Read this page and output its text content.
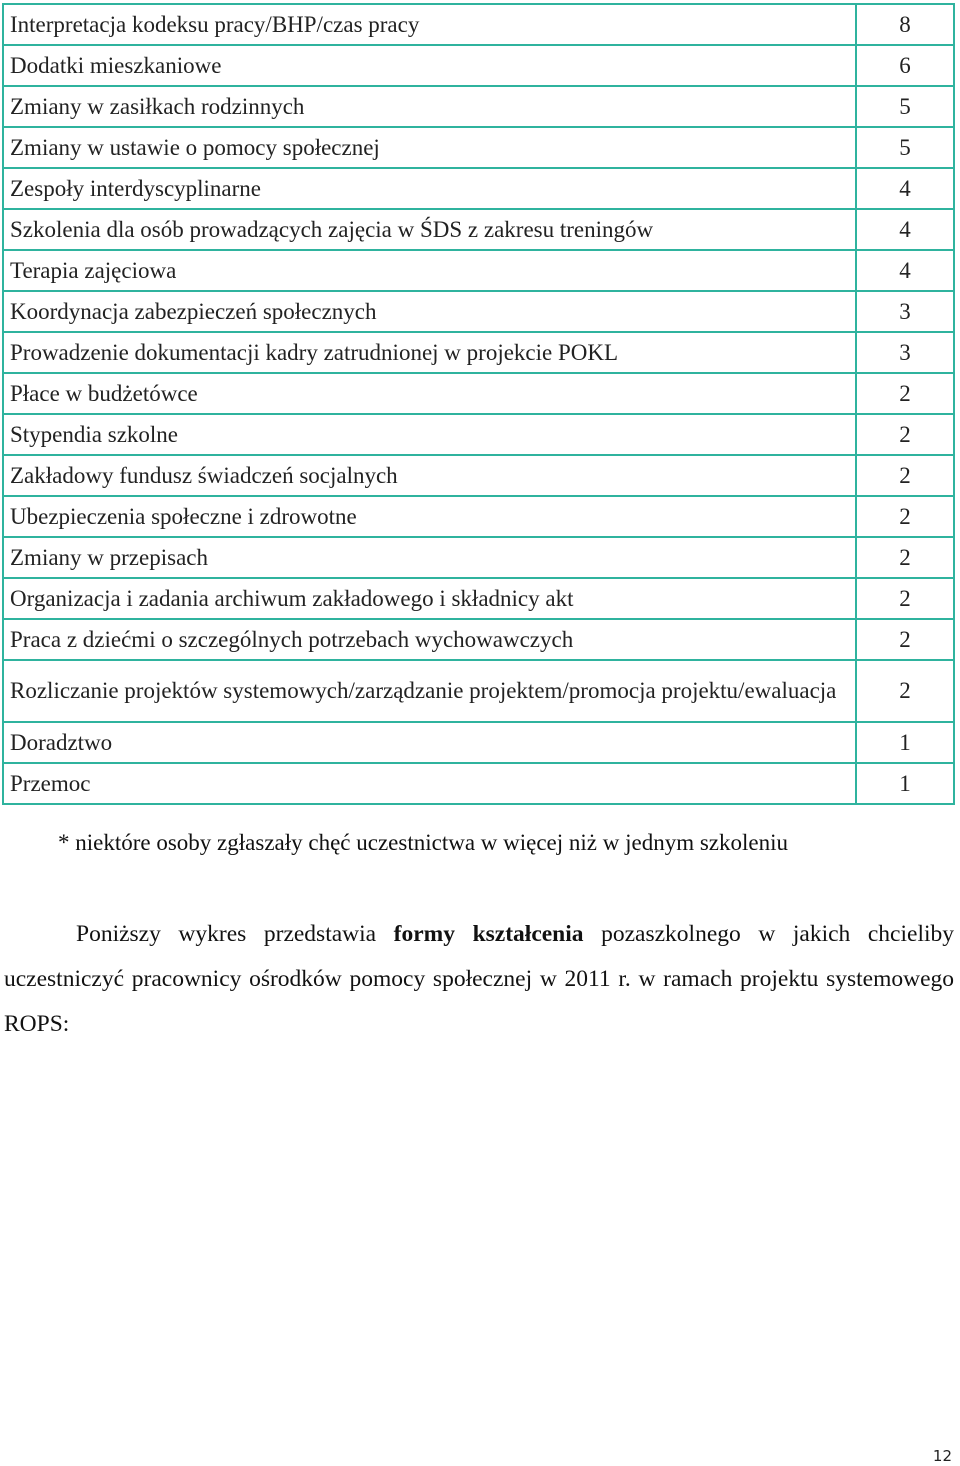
Interpretacja kodeksu pracy/BHP/czas pracy	8
Dodatki mieszkaniowe	6
Zmiany w zasiłkach rodzinnych	5
Zmiany w ustawie o pomocy społecznej	5
Zespoły interdyscyplinarne	4
Szkolenia dla osób prowadzących zajęcia w ŚDS z zakresu treningów	4
Terapia zajęciowa	4
Koordynacja zabezpieczeń społecznych	3
Prowadzenie dokumentacji kadry zatrudnionej w projekcie POKL	3
Płace w budżetówce	2
Stypendia szkolne	2
Zakładowy fundusz świadczeń socjalnych	2
Ubezpieczenia społeczne i zdrowotne	2
Zmiany w przepisach	2
Organizacja i zadania archiwum zakładowego i składnicy akt	2
Praca z dziećmi o szczególnych potrzebach wychowawczych	2
Rozliczanie projektów systemowych/zarządzanie projektem/promocja projektu/ewaluacja	2
Doradztwo	1
Przemoc	1
* niektóre osoby zgłaszały chęć uczestnictwa w więcej niż w jednym szkoleniu

Poniższy wykres przedstawia formy kształcenia pozaszkolnego w jakich chcieliby uczestniczyć pracownicy ośrodków pomocy społecznej w 2011 r. w ramach projektu systemowego ROPS:

12
